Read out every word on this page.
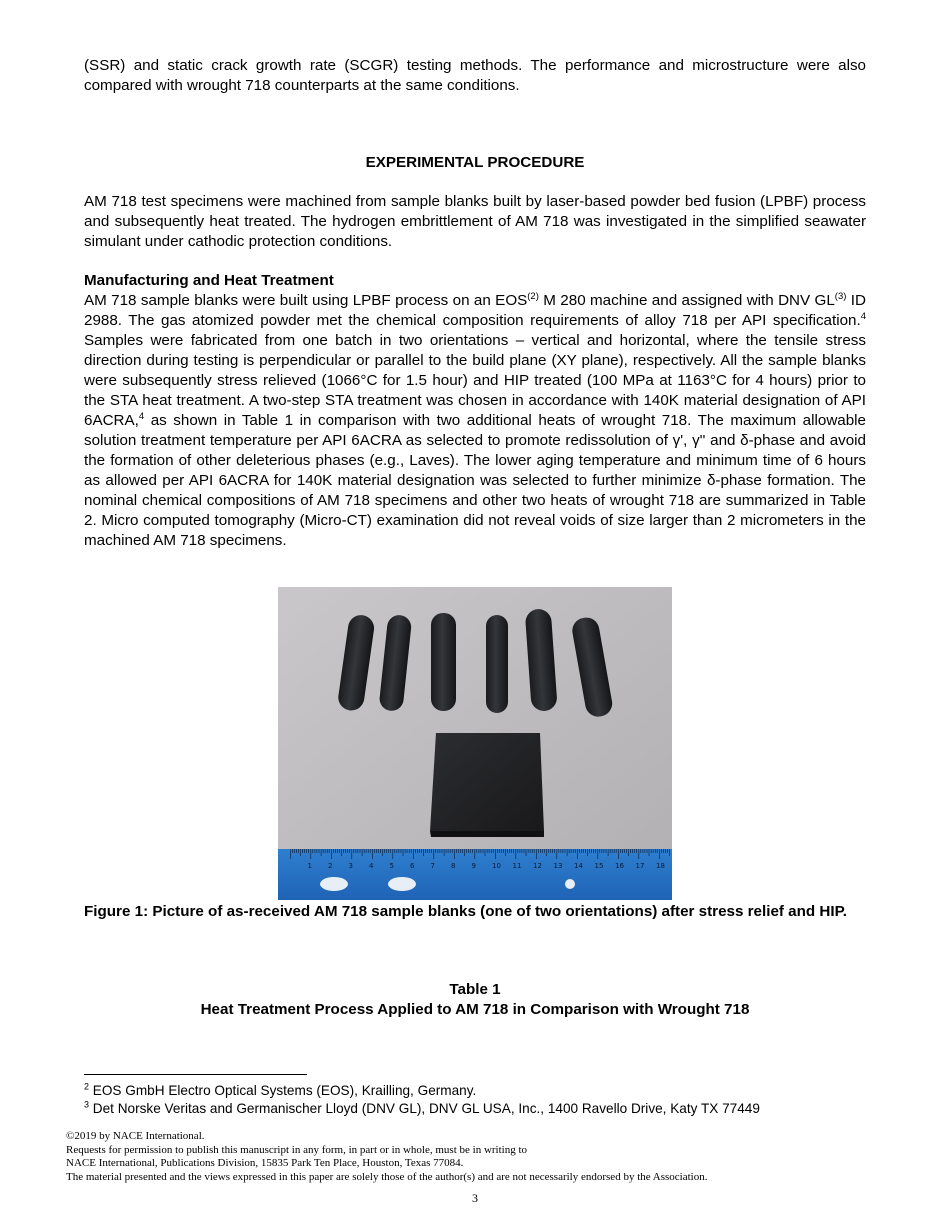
(SSR) and static crack growth rate (SCGR) testing methods. The performance and microstructure were also compared with wrought 718 counterparts at the same conditions.

EXPERIMENTAL PROCEDURE

AM 718 test specimens were machined from sample blanks built by laser-based powder bed fusion (LPBF) process and subsequently heat treated. The hydrogen embrittlement of AM 718 was investigated in the simplified seawater simulant under cathodic protection conditions.

Manufacturing and Heat Treatment

AM 718 sample blanks were built using LPBF process on an EOS$^{(2)}$ M 280 machine and assigned with DNV GL$^{(3)}$ ID 2988. The gas atomized powder met the chemical composition requirements of alloy 718 per API specification.$^4$ Samples were fabricated from one batch in two orientations – vertical and horizontal, where the tensile stress direction during testing is perpendicular or parallel to the build plane (XY plane), respectively. All the sample blanks were subsequently stress relieved (1066°C for 1.5 hour) and HIP treated (100 MPa at 1163°C for 4 hours) prior to the STA heat treatment. A two-step STA treatment was chosen in accordance with 140K material designation of API 6ACRA,$^4$ as shown in Table 1 in comparison with two additional heats of wrought 718. The maximum allowable solution treatment temperature per API 6ACRA as selected to promote redissolution of γ', γ'' and δ-phase and avoid the formation of other deleterious phases (e.g., Laves). The lower aging temperature and minimum time of 6 hours as allowed per API 6ACRA for 140K material designation was selected to further minimize δ-phase formation. The nominal chemical compositions of AM 718 specimens and other two heats of wrought 718 are summarized in Table 2. Micro computed tomography (Micro-CT) examination did not reveal voids of size larger than 2 micrometers in the machined AM 718 specimens.

1 2 3 4 5 6 7 8 9 10 11 12 13 14 15 16 17 18
Figure 1: Picture of as-received AM 718 sample blanks (one of two orientations) after stress relief and HIP.
Table 1
Heat Treatment Process Applied to AM 718 in Comparison with Wrought 718
$^2$ EOS GmbH Electro Optical Systems (EOS), Krailling, Germany.
$^3$ Det Norske Veritas and Germanischer Lloyd (DNV GL), DNV GL USA, Inc., 1400 Ravello Drive, Katy TX 77449
©2019 by NACE International.
Requests for permission to publish this manuscript in any form, in part or in whole, must be in writing to
NACE International, Publications Division, 15835 Park Ten Place, Houston, Texas 77084.
The material presented and the views expressed in this paper are solely those of the author(s) and are not necessarily endorsed by the Association.
3
